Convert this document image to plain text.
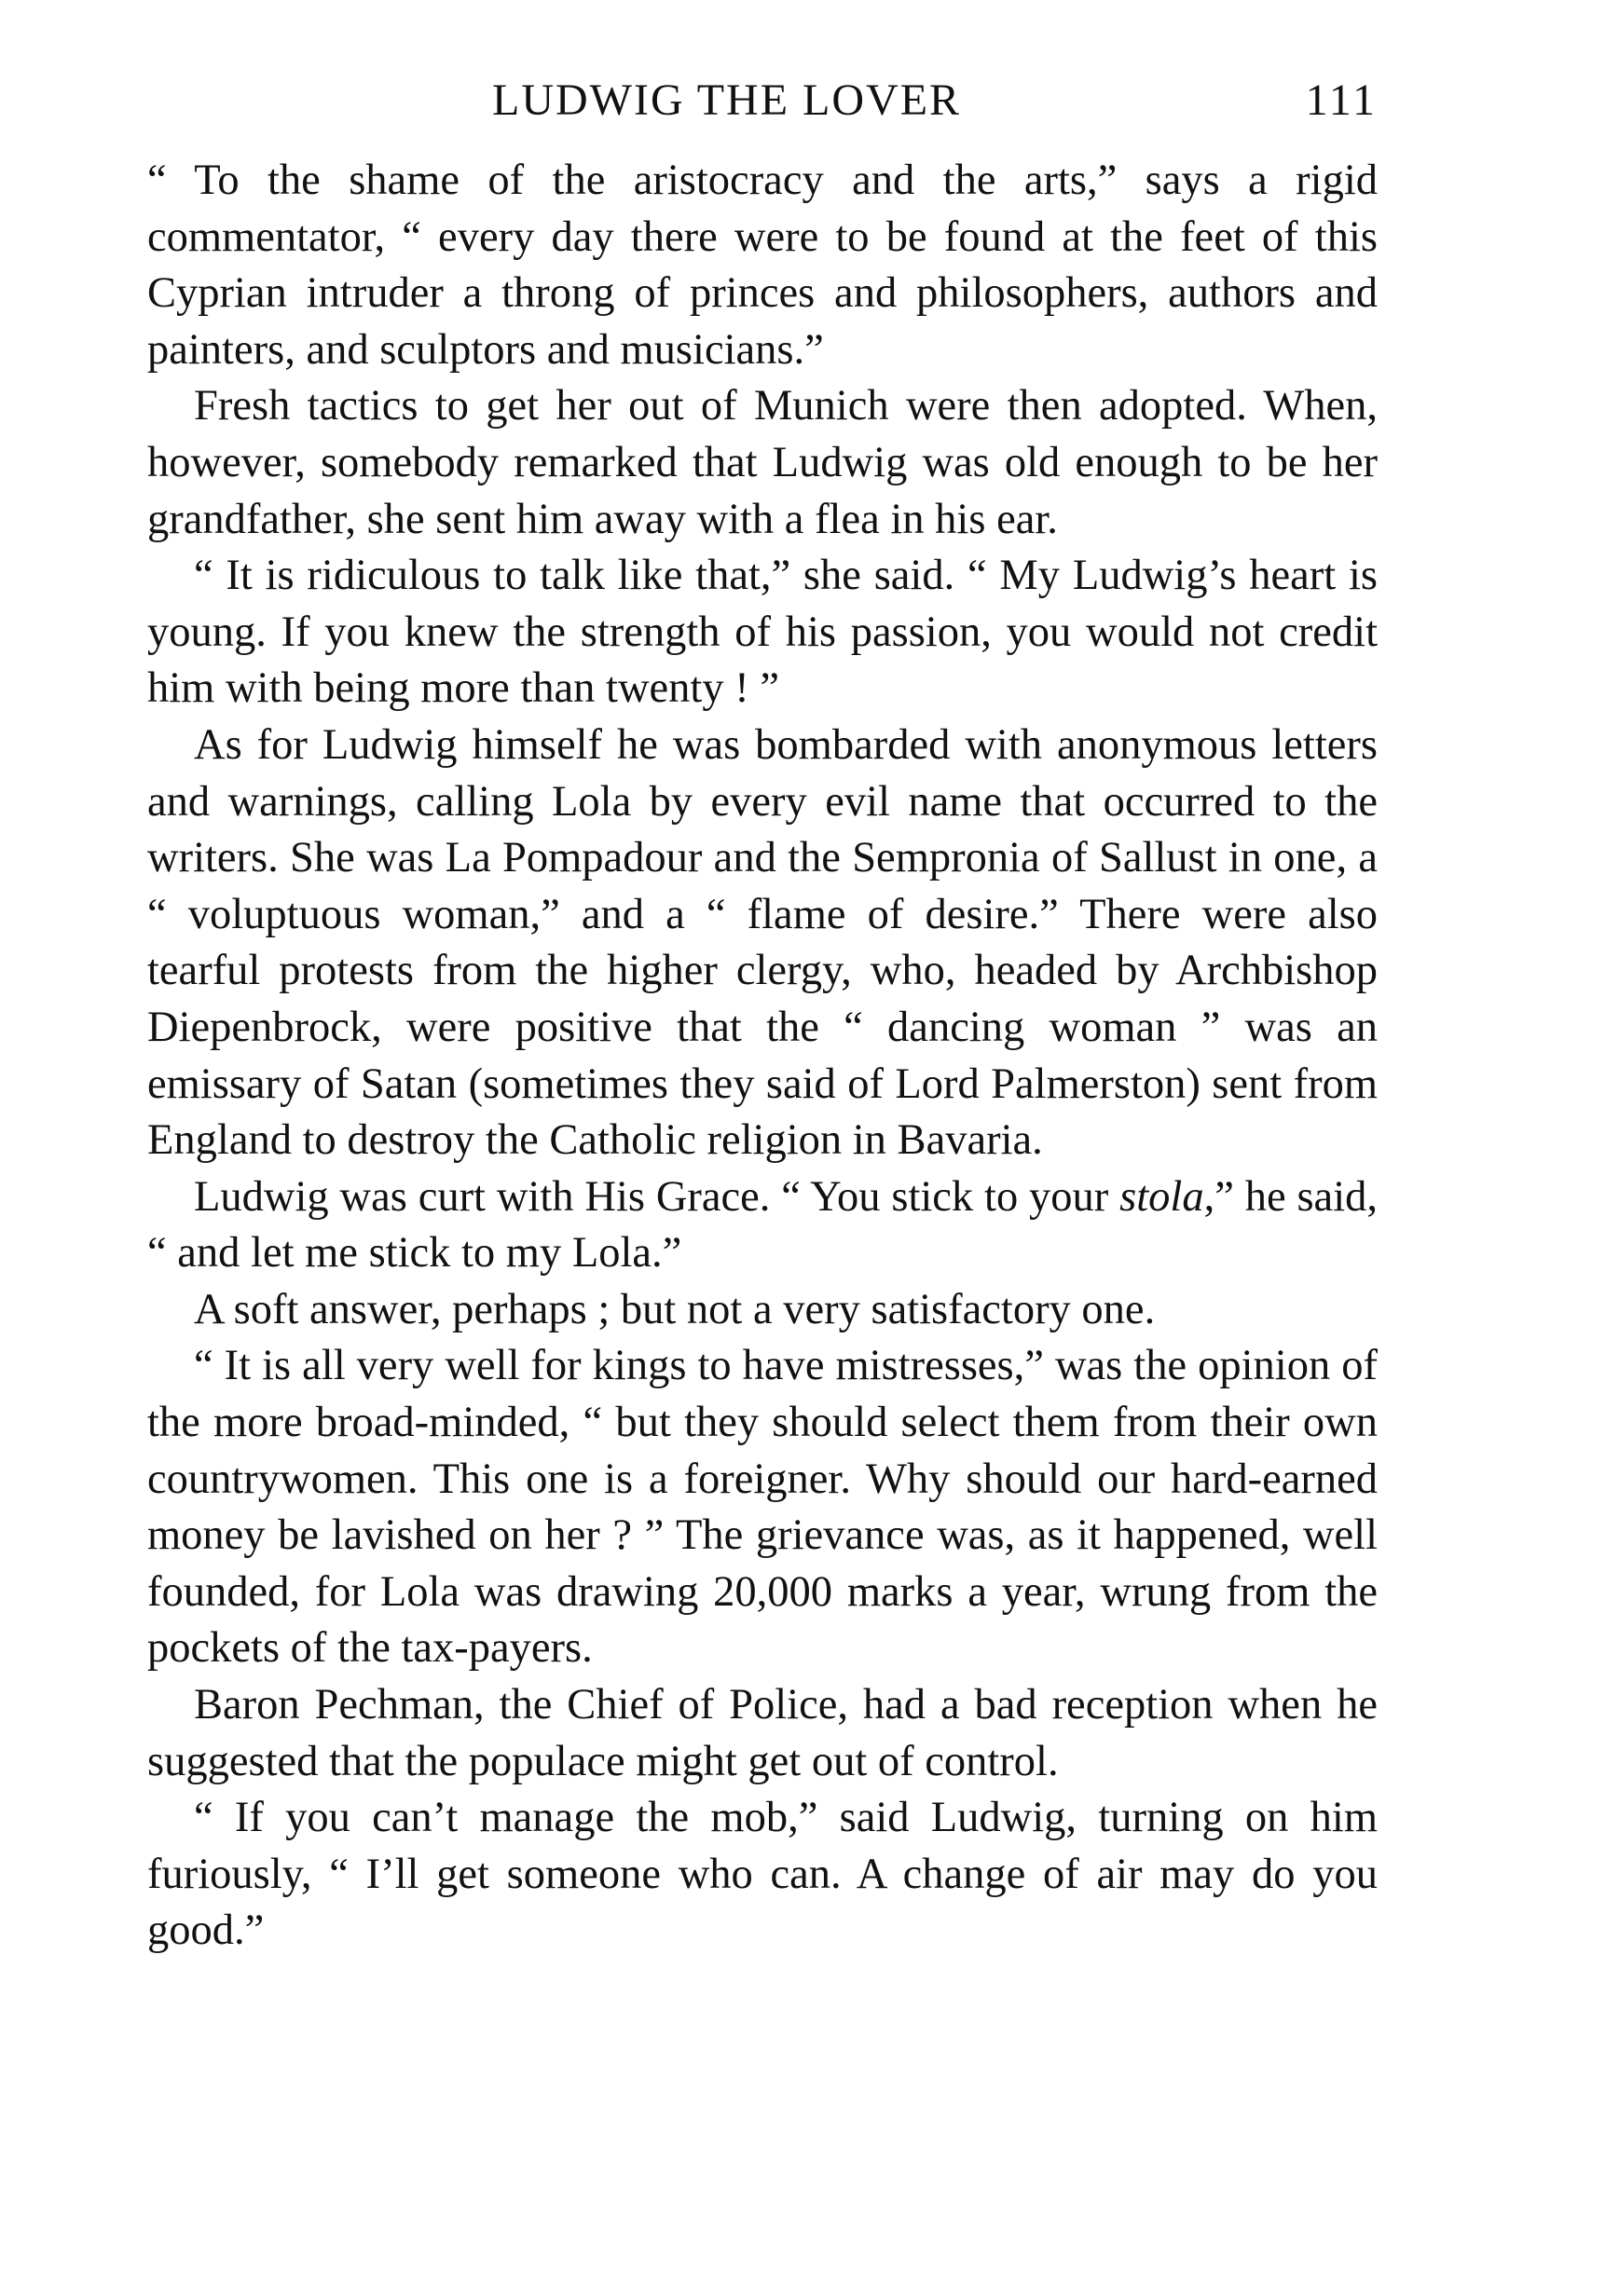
LUDWIG THE LOVER	111

“ To the shame of the aristocracy and the arts,” says a rigid commentator, “ every day there were to be found at the feet of this Cyprian intruder a throng of princes and philosophers, authors and painters, and sculptors and musicians.”

Fresh tactics to get her out of Munich were then adopted. When, however, somebody remarked that Ludwig was old enough to be her grandfather, she sent him away with a flea in his ear.

“ It is ridiculous to talk like that,” she said. “ My Ludwig’s heart is young. If you knew the strength of his passion, you would not credit him with being more than twenty ! ”

As for Ludwig himself he was bombarded with anonymous letters and warnings, calling Lola by every evil name that occurred to the writers. She was La Pompadour and the Sempronia of Sallust in one, a “ voluptuous woman,” and a “ flame of desire.” There were also tearful protests from the higher clergy, who, headed by Archbishop Diepenbrock, were positive that the “ dancing woman ” was an emissary of Satan (sometimes they said of Lord Palmerston) sent from England to destroy the Catholic religion in Bavaria.

Ludwig was curt with His Grace. “ You stick to your stola,” he said, “ and let me stick to my Lola.”

A soft answer, perhaps ; but not a very satisfactory one.

“ It is all very well for kings to have mistresses,” was the opinion of the more broad-minded, “ but they should select them from their own countrywomen. This one is a foreigner. Why should our hard-earned money be lavished on her ? ” The grievance was, as it happened, well founded, for Lola was drawing 20,000 marks a year, wrung from the pockets of the tax-payers.

Baron Pechman, the Chief of Police, had a bad reception when he suggested that the populace might get out of control.

“ If you can’t manage the mob,” said Ludwig, turning on him furiously, “ I’ll get someone who can. A change of air may do you good.”
